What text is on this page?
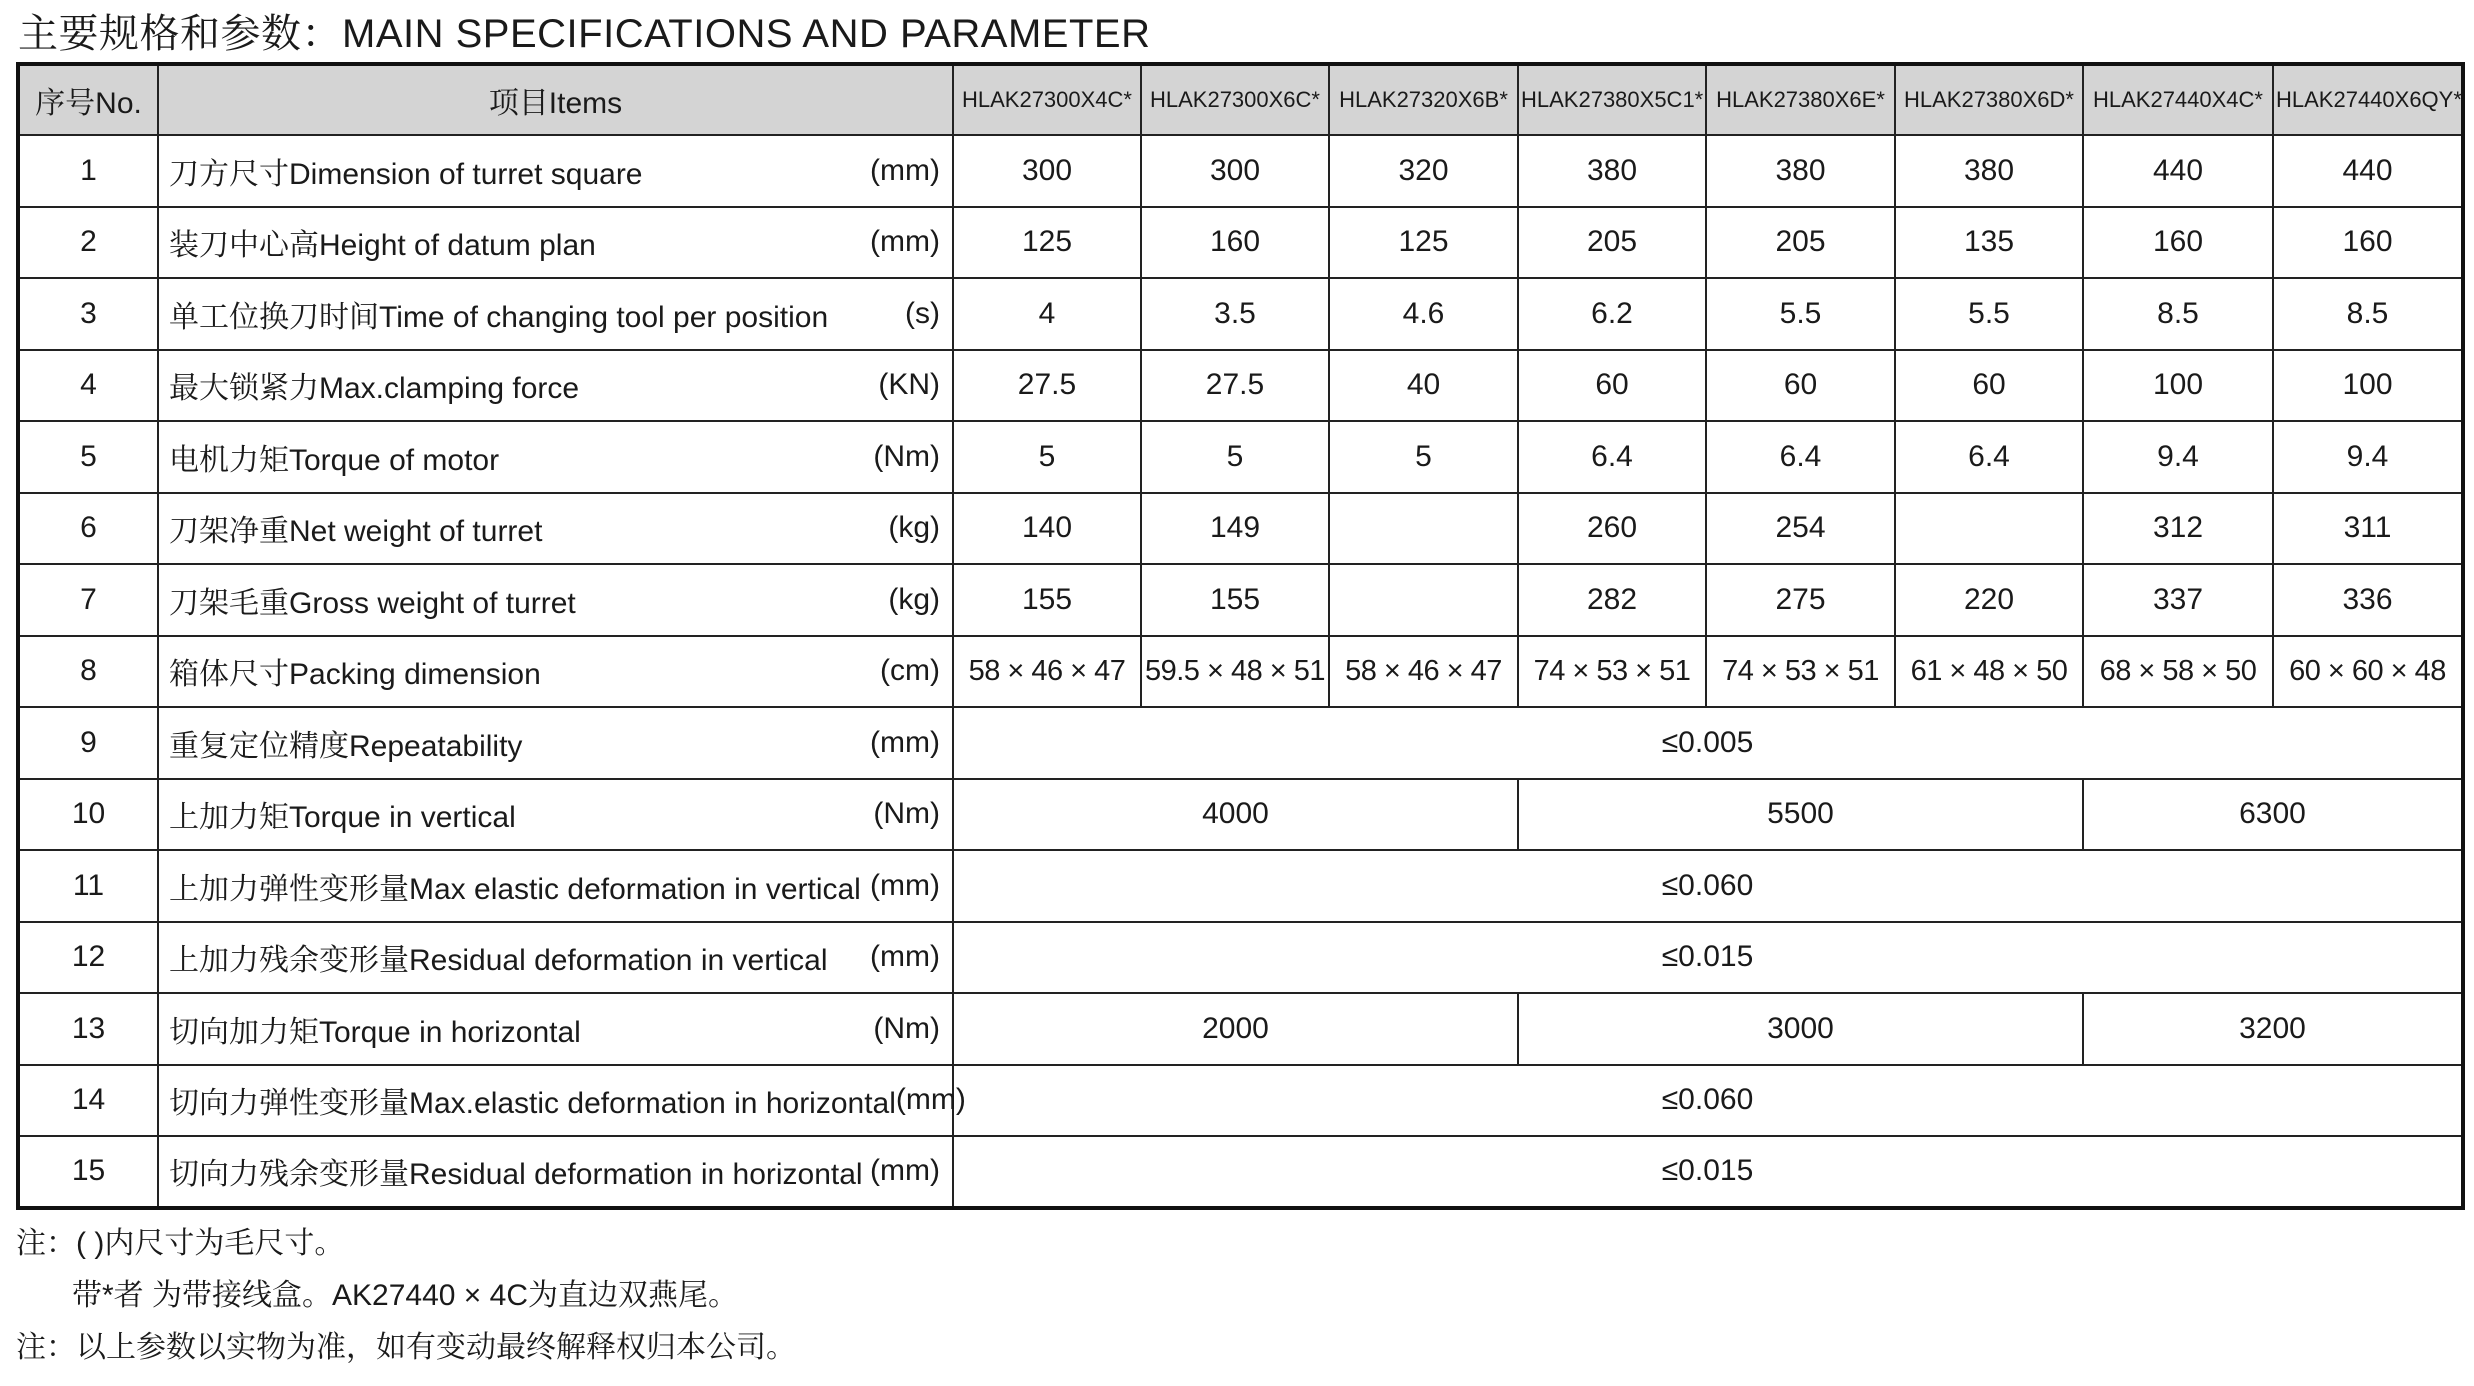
主要规格和参数：MAIN SPECIFICATIONS AND PARAMETER
序号No.	项目Items	HLAK27300X4C*	HLAK27300X6C*	HLAK27320X6B*	HLAK27380X5C1*	HLAK27380X6E*	HLAK27380X6D*	HLAK27440X4C*	HLAK27440X6QY*
1	刀方尺寸Dimension of turret square (mm)	300	300	320	380	380	380	440	440
2	装刀中心高Height of datum plan (mm)	125	160	125	205	205	135	160	160
3	单工位换刀时间Time of changing tool per position (s)	4	3.5	4.6	6.2	5.5	5.5	8.5	8.5
4	最大锁紧力Max.clamping force (KN)	27.5	27.5	40	60	60	60	100	100
5	电机力矩Torque of motor (Nm)	5	5	5	6.4	6.4	6.4	9.4	9.4
6	刀架净重Net weight of turret (kg)	140	149		260	254		312	311
7	刀架毛重Gross weight of turret (kg)	155	155		282	275	220	337	336
8	箱体尺寸Packing dimension (cm)	58 × 46 × 47	59.5 × 48 × 51	58 × 46 × 47	74 × 53 × 51	74 × 53 × 51	61 × 48 × 50	68 × 58 × 50	60 × 60 × 48
9	重复定位精度Repeatability (mm)	≤0.005							
10	上加力矩Torque in vertical (Nm)	4000			5500			6300	
11	上加力弹性变形量Max elastic deformation in vertical (mm)	≤0.060							
12	上加力残余变形量Residual deformation in vertical (mm)	≤0.015							
13	切向加力矩Torque in horizontal (Nm)	2000			3000			3200	
14	切向力弹性变形量Max.elastic deformation in horizontal (mm)	≤0.060							
15	切向力残余变形量Residual deformation in horizontal (mm)	≤0.015							
注：( )内尺寸为毛尺寸。
带*者 为带接线盒。AK27440 × 4C为直边双燕尾。
注：以上参数以实物为准，如有变动最终解释权归本公司。
